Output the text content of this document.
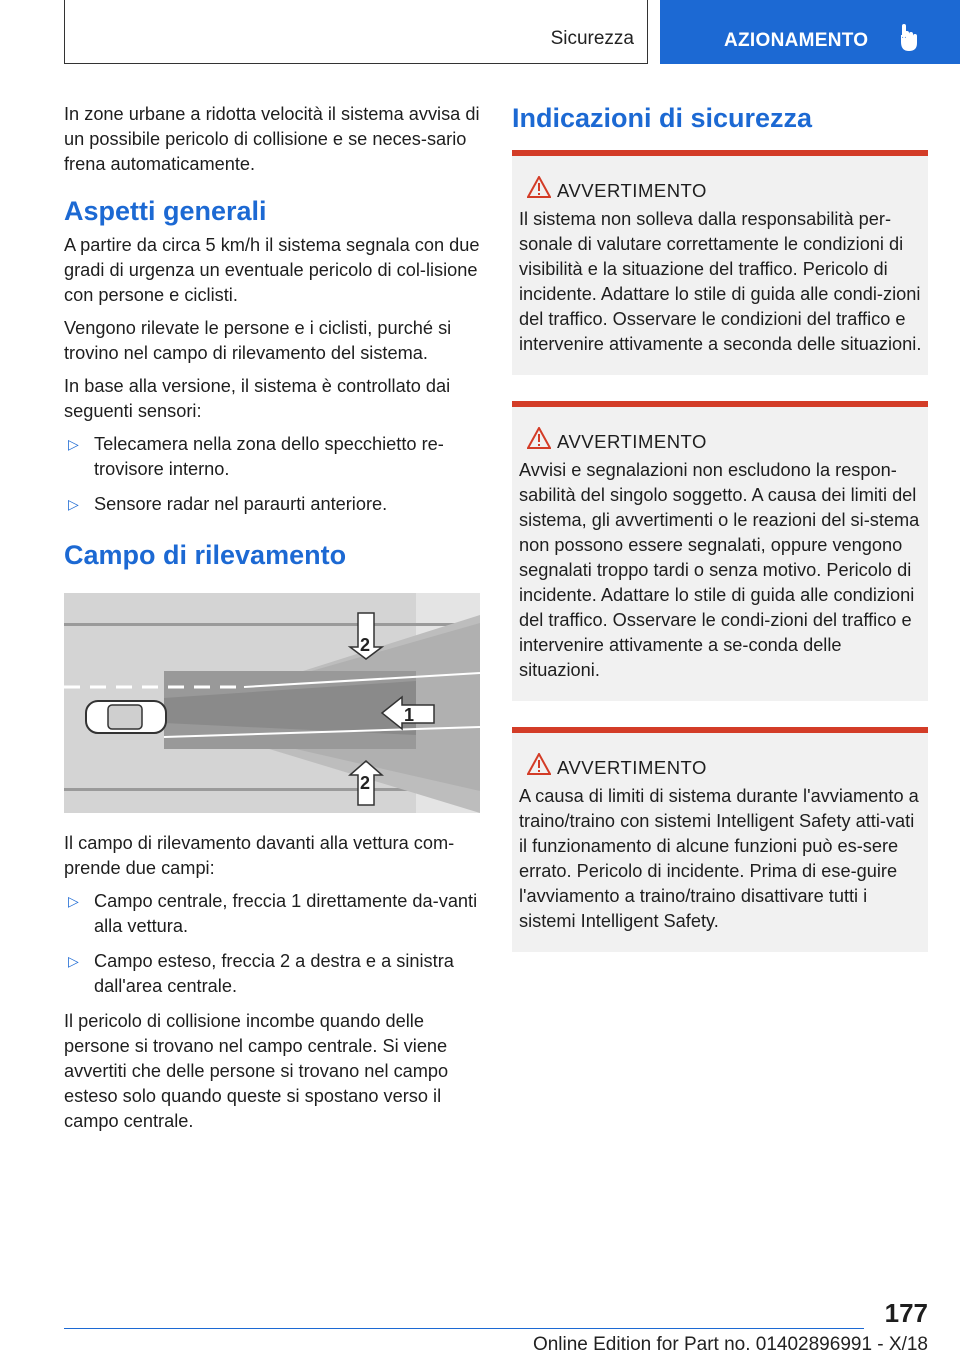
Sicurezza	AZIONAMENTO

In zone urbane a ridotta velocità il sistema avvisa di un possibile pericolo di collisione e se neces-sario frena automaticamente.

Aspetti generali

A partire da circa 5 km/h il sistema segnala con due gradi di urgenza un eventuale pericolo di col-lisione con persone e ciclisti.

Vengono rilevate le persone e i ciclisti, purché si trovino nel campo di rilevamento del sistema.

In base alla versione, il sistema è controllato dai seguenti sensori:

▷ Telecamera nella zona dello specchietto re-trovisore interno.
▷ Sensore radar nel paraurti anteriore.
Campo di rilevamento
2
1
2

Il campo di rilevamento davanti alla vettura com-prende due campi:

▷ Campo centrale, freccia 1 direttamente da-vanti alla vettura.
▷ Campo esteso, freccia 2 a destra e a sinistra dall'area centrale.

Il pericolo di collisione incombe quando delle persone si trovano nel campo centrale. Si viene avvertiti che delle persone si trovano nel campo esteso solo quando queste si spostano verso il campo centrale.

Indicazioni di sicurezza
AVVERTIMENTO
Il sistema non solleva dalla responsabilità per-sonale di valutare correttamente le condizioni di visibilità e la situazione del traffico. Pericolo di incidente. Adattare lo stile di guida alle condi-zioni del traffico. Osservare le condizioni del traffico e intervenire attivamente a seconda delle situazioni.
AVVERTIMENTO
Avvisi e segnalazioni non escludono la respon-sabilità del singolo soggetto. A causa dei limiti del sistema, gli avvertimenti o le reazioni del si-stema non possono essere segnalati, oppure vengono segnalati troppo tardi o senza motivo. Pericolo di incidente. Adattare lo stile di guida alle condizioni del traffico. Osservare le condi-zioni del traffico e intervenire attivamente a se-conda delle situazioni.
AVVERTIMENTO
A causa di limiti di sistema durante l'avviamento a traino/traino con sistemi Intelligent Safety atti-vati il funzionamento di alcune funzioni può es-sere errato. Pericolo di incidente. Prima di ese-guire l'avviamento a traino/traino disattivare tutti i sistemi Intelligent Safety.
177
Online Edition for Part no. 01402896991 - X/18
